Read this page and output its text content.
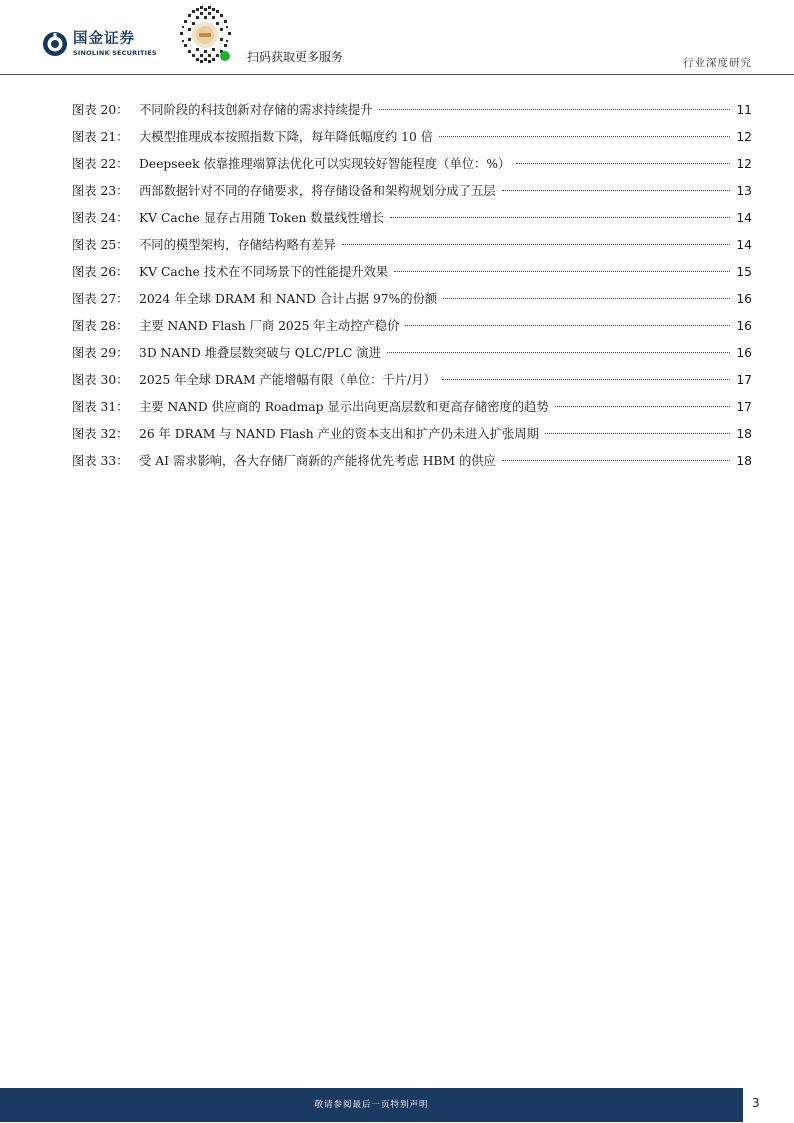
国金证券
SINOLINK SECURITIES	扫码获取更多服务	行业深度研究
图表 20： 不同阶段的科技创新对存储的需求持续提升	11
图表 21： 大模型推理成本按照指数下降，每年降低幅度约 10 倍	12
图表 22： Deepseek 依靠推理端算法优化可以实现较好智能程度（单位：%）	12
图表 23： 西部数据针对不同的存储要求，将存储设备和架构规划分成了五层	13
图表 24： KV Cache 显存占用随 Token 数量线性增长	14
图表 25： 不同的模型架构，存储结构略有差异	14
图表 26： KV Cache 技术在不同场景下的性能提升效果	15
图表 27： 2024 年全球 DRAM 和 NAND 合计占据 97%的份额	16
图表 28： 主要 NAND Flash 厂商 2025 年主动控产稳价	16
图表 29： 3D NAND 堆叠层数突破与 QLC/PLC 演进	16
图表 30： 2025 年全球 DRAM 产能增幅有限（单位：千片/月）	17
图表 31： 主要 NAND 供应商的 Roadmap 显示出向更高层数和更高存储密度的趋势	17
图表 32： 26 年 DRAM 与 NAND Flash 产业的资本支出和扩产仍未进入扩张周期	18
图表 33： 受 AI 需求影响，各大存储厂商新的产能将优先考虑 HBM 的供应	18
敬请参阅最后一页特别声明	3
